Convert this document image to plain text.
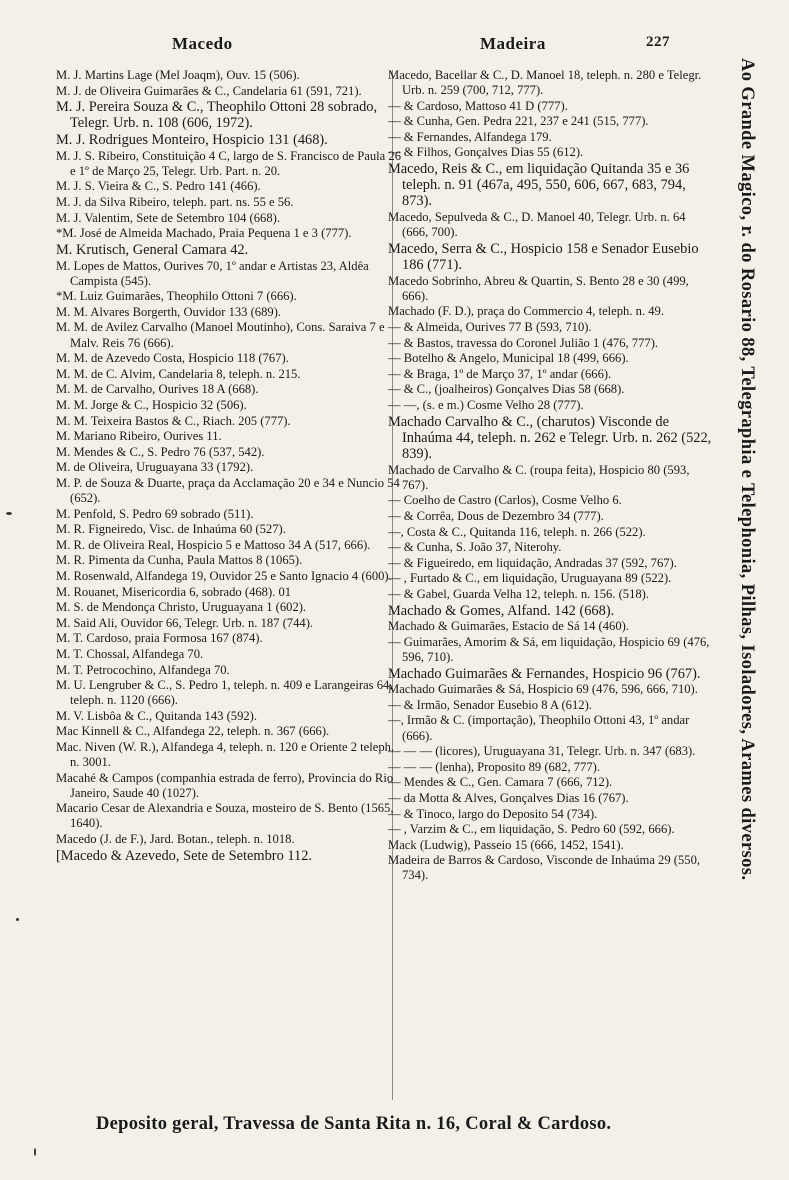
Macedo	Madeira	227
M. J. Martins Lage (Mel Joaqm), Ouv. 15 (506).
M. J. de Oliveira Guimarães & C., Candelaria 61 (591, 721).
M. J. Pereira Souza & C., Theophilo Ottoni 28 sobrado, Telegr. Urb. n. 108 (606, 1972).
M. J. Rodrigues Monteiro, Hospicio 131 (468).
M. J. S. Ribeiro, Constituição 4 C, largo de S. Francisco de Paula 26 e 1º de Março 25, Telegr. Urb. Part. n. 20.
M. J. S. Vieira & C., S. Pedro 141 (466).
M. J. da Silva Ribeiro, teleph. part. ns. 55 e 56.
M. J. Valentim, Sete de Setembro 104 (668).
*M. José de Almeida Machado, Praia Pequena 1 e 3 (777).
M. Krutisch, General Camara 42.
M. Lopes de Mattos, Ourives 70, 1º andar e Artistas 23, Aldêa Campista (545).
*M. Luiz Guimarães, Theophilo Ottoni 7 (666).
M. M. Alvares Borgerth, Ouvidor 133 (689).
M. M. de Avilez Carvalho (Manoel Moutinho), Cons. Saraiva 7 e Malv. Reis 76 (666).
M. M. de Azevedo Costa, Hospicio 118 (767).
M. M. de C. Alvim, Candelaria 8, teleph. n. 215.
M. M. de Carvalho, Ourives 18 A (668).
M. M. Jorge & C., Hospicio 32 (506).
M. M. Teixeira Bastos & C., Riach. 205 (777).
M. Mariano Ribeiro, Ourives 11.
M. Mendes & C., S. Pedro 76 (537, 542).
M. de Oliveira, Uruguayana 33 (1792).
M. P. de Souza & Duarte, praça da Acclamação 20 e 34 e Nuncio 54 (652).
M. Penfold, S. Pedro 69 sobrado (511).
M. R. Figneiredo, Visc. de Inhaúma 60 (527).
M. R. de Oliveira Real, Hospicio 5 e Mattoso 34 A (517, 666).
M. R. Pimenta da Cunha, Paula Mattos 8 (1065).
M. Rosenwald, Alfandega 19, Ouvidor 25 e Santo Ignacio 4 (600).
M. Rouanet, Misericordia 6, sobrado (468). 01
M. S. de Mendonça Christo, Uruguayana 1 (602).
M. Said Ali, Ouvidor 66, Telegr. Urb. n. 187 (744).
M. T. Cardoso, praia Formosa 167 (874).
M. T. Chossal, Alfandega 70.
M. T. Petrocochino, Alfandega 70.
M. U. Lengruber & C., S. Pedro 1, teleph. n. 409 e Larangeiras 64, teleph. n. 1120 (666).
M. V. Lisbôa & C., Quitanda 143 (592).
Mac Kinnell & C., Alfandega 22, teleph. n. 367 (666).
Mac. Niven (W. R.), Alfandega 4, teleph. n. 120 e Oriente 2 teleph. n. 3001.
Macahé & Campos (companhia estrada de ferro), Provincia do Rio Janeiro, Saude 40 (1027).
Macario Cesar de Alexandria e Souza, mosteiro de S. Bento (1565, 1640).
Macedo (J. de F.), Jard. Botan., teleph. n. 1018.
[Macedo & Azevedo, Sete de Setembro 112.
Macedo, Bacellar & C., D. Manoel 18, teleph. n. 280 e Telegr. Urb. n. 259 (700, 712, 777).
— & Cardoso, Mattoso 41 D (777).
— & Cunha, Gen. Pedra 221, 237 e 241 (515, 777).
— & Fernandes, Alfandega 179.
— & Filhos, Gonçalves Dias 55 (612).
Macedo, Reis & C., em liquidação Quitanda 35 e 36 teleph. n. 91 (467a, 495, 550, 606, 667, 683, 794, 873).
Macedo, Sepulveda & C., D. Manoel 40, Telegr. Urb. n. 64 (666, 700).
Macedo, Serra & C., Hospicio 158 e Senador Eusebio 186 (771).
Macedo Sobrinho, Abreu & Quartin, S. Bento 28 e 30 (499, 666).
Machado (F. D.), praça do Commercio 4, teleph. n. 49.
— & Almeida, Ourives 77 B (593, 710).
— & Bastos, travessa do Coronel Julião 1 (476, 777).
— Botelho & Angelo, Municipal 18 (499, 666).
— & Braga, 1º de Março 37, 1º andar (666).
— & C., (joalheiros) Gonçalves Dias 58 (668).
— —, (s. e m.) Cosme Velho 28 (777).
Machado Carvalho & C., (charutos) Visconde de Inhaúma 44, teleph. n. 262 e Telegr. Urb. n. 262 (522, 839).
Machado de Carvalho & C. (roupa feita), Hospicio 80 (593, 767).
— Coelho de Castro (Carlos), Cosme Velho 6.
— & Corrêa, Dous de Dezembro 34 (777).
—, Costa & C., Quitanda 116, teleph. n. 266 (522).
— & Cunha, S. João 37, Niterohy.
— & Figueiredo, em liquidação, Andradas 37 (592, 767).
— , Furtado & C., em liquidação, Uruguayana 89 (522).
— & Gabel, Guarda Velha 12, teleph. n. 156. (518).
Machado & Gomes, Alfand. 142 (668).
Machado & Guimarães, Estacio de Sá 14 (460).
— Guimarães, Amorim & Sá, em liquidação, Hospicio 69 (476, 596, 710).
Machado Guimarães & Fernandes, Hospicio 96 (767).
Machado Guimarães & Sá, Hospicio 69 (476, 596, 666, 710).
— & Irmão, Senador Eusebio 8 A (612).
—, Irmão & C. (importação), Theophilo Ottoni 43, 1º andar (666).
— — — (licores), Uruguayana 31, Telegr. Urb. n. 347 (683).
— — — (lenha), Proposito 89 (682, 777).
— Mendes & C., Gen. Camara 7 (666, 712).
— da Motta & Alves, Gonçalves Dias 16 (767).
— & Tinoco, largo do Deposito 54 (734).
— , Varzim & C., em liquidação, S. Pedro 60 (592, 666).
Mack (Ludwig), Passeio 15 (666, 1452, 1541).
Madeira de Barros & Cardoso, Visconde de Inhaúma 29 (550, 734).	Ao Grande Magico, r. do Rosario 88, Telegraphia e Telephonia, Pilhas, Isoladores, Arames diversos.
Deposito geral, Travessa de Santa Rita n. 16, Coral & Cardoso.
